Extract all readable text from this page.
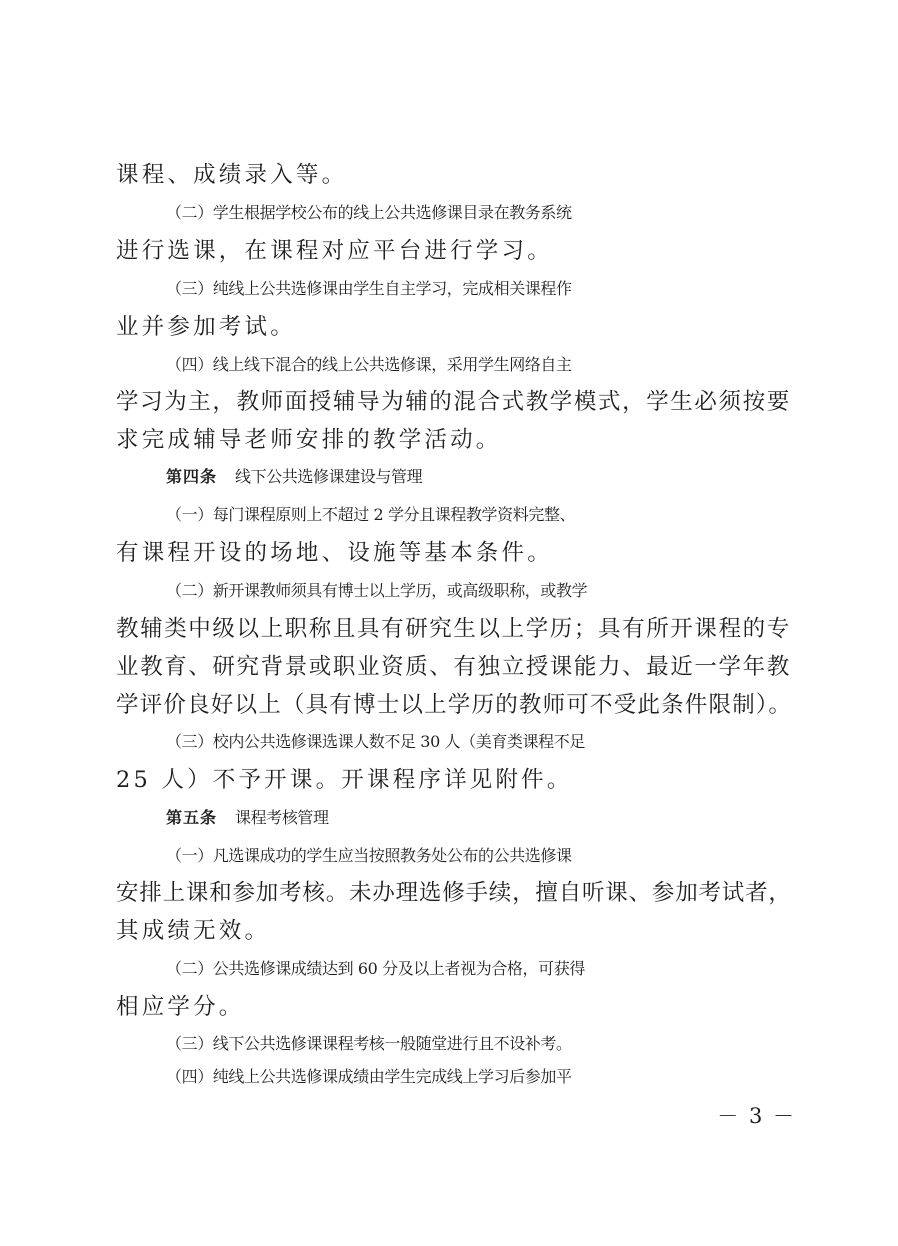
课程、成绩录入等。
（二）学生根据学校公布的线上公共选修课目录在教务系统
进行选课，在课程对应平台进行学习。
（三）纯线上公共选修课由学生自主学习，完成相关课程作
业并参加考试。
（四）线上线下混合的线上公共选修课，采用学生网络自主
学习为主，教师面授辅导为辅的混合式教学模式，学生必须按要
求完成辅导老师安排的教学活动。
第四条 线下公共选修课建设与管理
（一）每门课程原则上不超过 2 学分且课程教学资料完整、
有课程开设的场地、设施等基本条件。
（二）新开课教师须具有博士以上学历，或高级职称，或教学
教辅类中级以上职称且具有研究生以上学历；具有所开课程的专
业教育、研究背景或职业资质、有独立授课能力、最近一学年教
学评价良好以上（具有博士以上学历的教师可不受此条件限制）。
（三）校内公共选修课选课人数不足 30 人（美育类课程不足
25 人）不予开课。开课程序详见附件。
第五条 课程考核管理
（一）凡选课成功的学生应当按照教务处公布的公共选修课
安排上课和参加考核。未办理选修手续，擅自听课、参加考试者，
其成绩无效。
（二）公共选修课成绩达到 60 分及以上者视为合格，可获得
相应学分。
（三）线下公共选修课课程考核一般随堂进行且不设补考。
（四）纯线上公共选修课成绩由学生完成线上学习后参加平
－ 3 －
